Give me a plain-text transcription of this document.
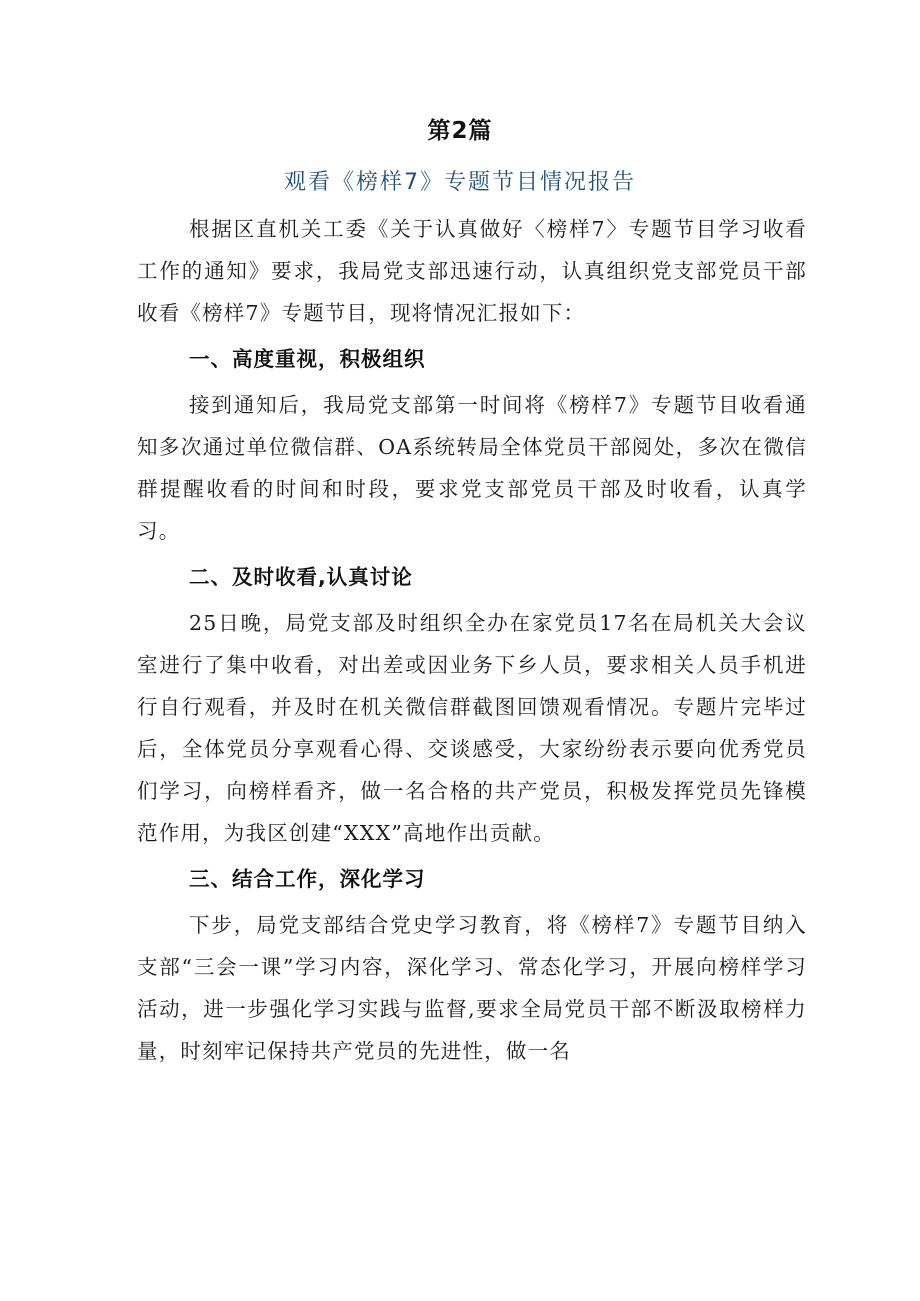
第2篇
观看《榜样7》专题节目情况报告

根据区直机关工委《关于认真做好〈榜样7〉专题节目学习收看工作的通知》要求，我局党支部迅速行动，认真组织党支部党员干部收看《榜样7》专题节目，现将情况汇报如下：

一、高度重视，积极组织

接到通知后，我局党支部第一时间将《榜样7》专题节目收看通知多次通过单位微信群、OA系统转局全体党员干部阅处，多次在微信群提醒收看的时间和时段，要求党支部党员干部及时收看，认真学习。

二、及时收看,认真讨论

25日晚，局党支部及时组织全办在家党员17名在局机关大会议室进行了集中收看，对出差或因业务下乡人员，要求相关人员手机进行自行观看，并及时在机关微信群截图回馈观看情况。专题片完毕过后，全体党员分享观看心得、交谈感受，大家纷纷表示要向优秀党员们学习，向榜样看齐，做一名合格的共产党员，积极发挥党员先锋模范作用，为我区创建“XXX”高地作出贡献。

三、结合工作，深化学习

下步，局党支部结合党史学习教育，将《榜样7》专题节目纳入支部“三会一课”学习内容，深化学习、常态化学习，开展向榜样学习活动，进一步强化学习实践与监督,要求全局党员干部不断汲取榜样力量，时刻牢记保持共产党员的先进性，做一名
